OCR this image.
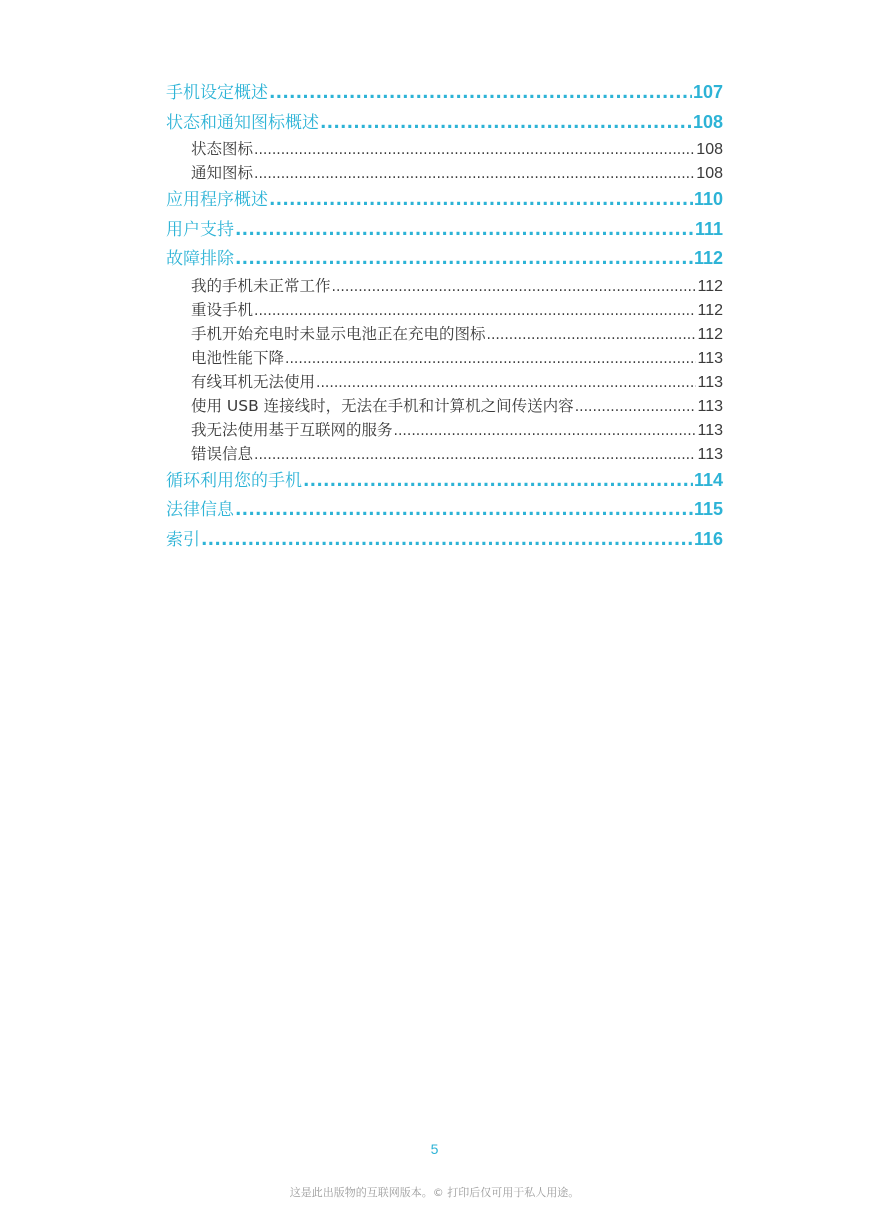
手机设定概述 .....	107
状态和通知图标概述 .....	108
状态图标 .....	108
通知图标 .....	108
应用程序概述 .....	110
用户支持 .....	111
故障排除 .....	112
我的手机未正常工作 .....	112
重设手机 .....	112
手机开始充电时未显示电池正在充电的图标 .....	112
电池性能下降 .....	113
有线耳机无法使用 .....	113
使用 USB 连接线时，无法在手机和计算机之间传送内容 .....	113
我无法使用基于互联网的服务 .....	113
错误信息 .....	113
循环利用您的手机 .....	114
法律信息 .....	115
索引 .....	116
5
这是此出版物的互联网版本。© 打印后仅可用于私人用途。
